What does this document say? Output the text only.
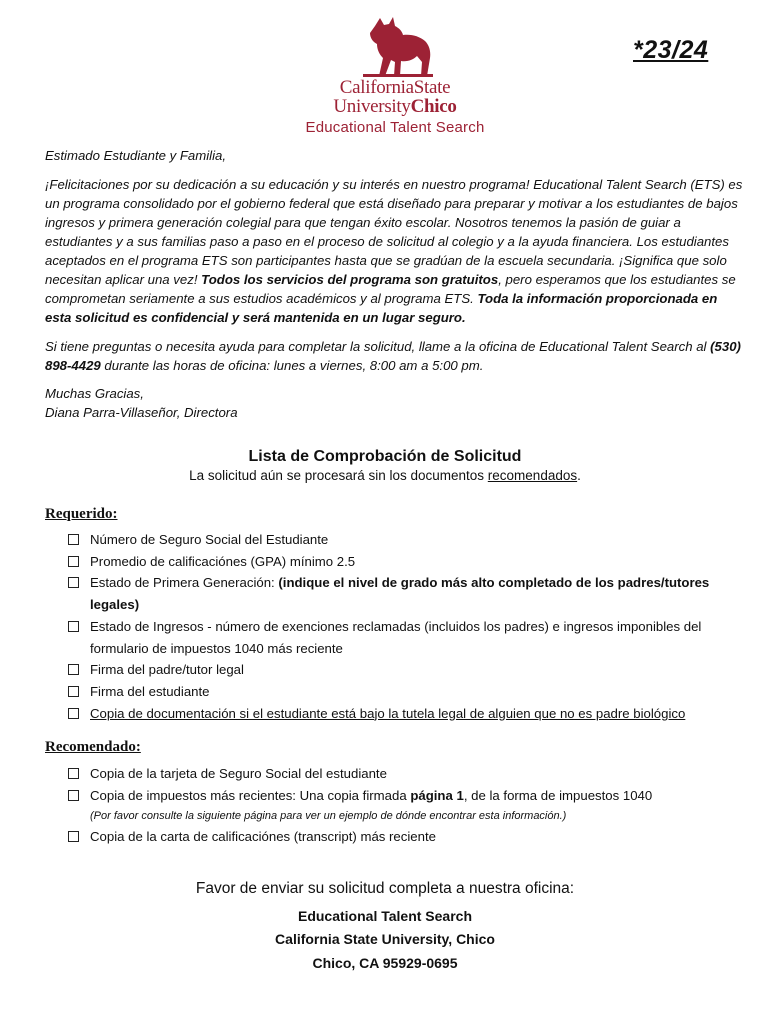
*23/24
CaliforniaState
UniversityChico
Educational Talent Search
Estimado Estudiante y Familia,
¡Felicitaciones por su dedicación a su educación y su interés en nuestro programa! Educational Talent Search (ETS) es un programa consolidado por el gobierno federal que está diseñado para preparar y motivar a los estudiantes de bajos ingresos y primera generación colegial para que tengan éxito escolar. Nosotros tenemos la pasión de guiar a estudiantes y a sus familias paso a paso en el proceso de solicitud al colegio y a la ayuda financiera. Los estudiantes aceptados en el programa ETS son participantes hasta que se gradúan de la escuela secundaria. ¡Significa que solo necesitan aplicar una vez! Todos los servicios del programa son gratuitos, pero esperamos que los estudiantes se comprometan seriamente a sus estudios académicos y al programa ETS. Toda la información proporcionada en esta solicitud es confidencial y será mantenida en un lugar seguro.
Si tiene preguntas o necesita ayuda para completar la solicitud, llame a la oficina de Educational Talent Search al (530) 898-4429 durante las horas de oficina: lunes a viernes, 8:00 am a 5:00 pm.
Muchas Gracias,
Diana Parra-Villaseñor, Directora
Lista de Comprobación de Solicitud
La solicitud aún se procesará sin los documentos recomendados.
Requerido:
Número de Seguro Social del Estudiante
Promedio de calificaciónes (GPA) mínimo 2.5
Estado de Primera Generación: (indique el nivel de grado más alto completado de los padres/tutores legales)
Estado de Ingresos - número de exenciones reclamadas (incluidos los padres) e ingresos imponibles del formulario de impuestos 1040 más reciente
Firma del padre/tutor legal
Firma del estudiante
Copia de documentación si el estudiante está bajo la tutela legal de alguien que no es padre biológico
Recomendado:
Copia de la tarjeta de Seguro Social del estudiante
Copia de impuestos más recientes: Una copia firmada página 1, de la forma de impuestos 1040
(Por favor consulte la siguiente página para ver un ejemplo de dónde encontrar esta información.)
Copia de la carta de calificaciónes (transcript) más reciente
Favor de enviar su solicitud completa a nuestra oficina:
Educational Talent Search
California State University, Chico
Chico, CA 95929-0695
